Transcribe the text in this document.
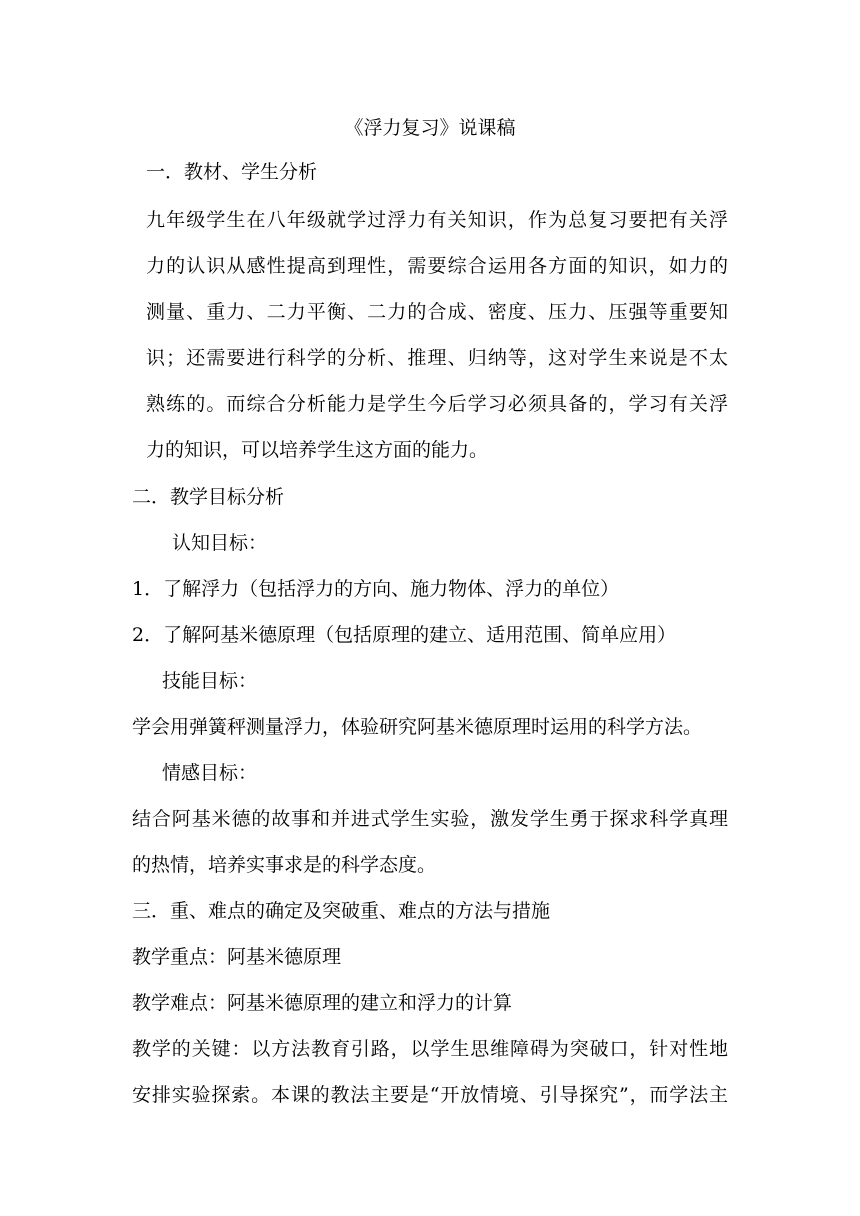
《浮力复习》说课稿
一．教材、学生分析
九年级学生在八年级就学过浮力有关知识，作为总复习要把有关浮
力的认识从感性提高到理性，需要综合运用各方面的知识，如力的
测量、重力、二力平衡、二力的合成、密度、压力、压强等重要知
识；还需要进行科学的分析、推理、归纳等，这对学生来说是不太
熟练的。而综合分析能力是学生今后学习必须具备的，学习有关浮
力的知识，可以培养学生这方面的能力。
二．教学目标分析
认知目标：
1．了解浮力（包括浮力的方向、施力物体、浮力的单位）
2．了解阿基米德原理（包括原理的建立、适用范围、简单应用）
技能目标：
学会用弹簧秤测量浮力，体验研究阿基米德原理时运用的科学方法。
情感目标：
结合阿基米德的故事和并进式学生实验，激发学生勇于探求科学真理
的热情，培养实事求是的科学态度。
三．重、难点的确定及突破重、难点的方法与措施
教学重点：阿基米德原理
教学难点：阿基米德原理的建立和浮力的计算
教学的关键：以方法教育引路，以学生思维障碍为突破口，针对性地
安排实验探索。本课的教法主要是“开放情境、引导探究”，而学法主
